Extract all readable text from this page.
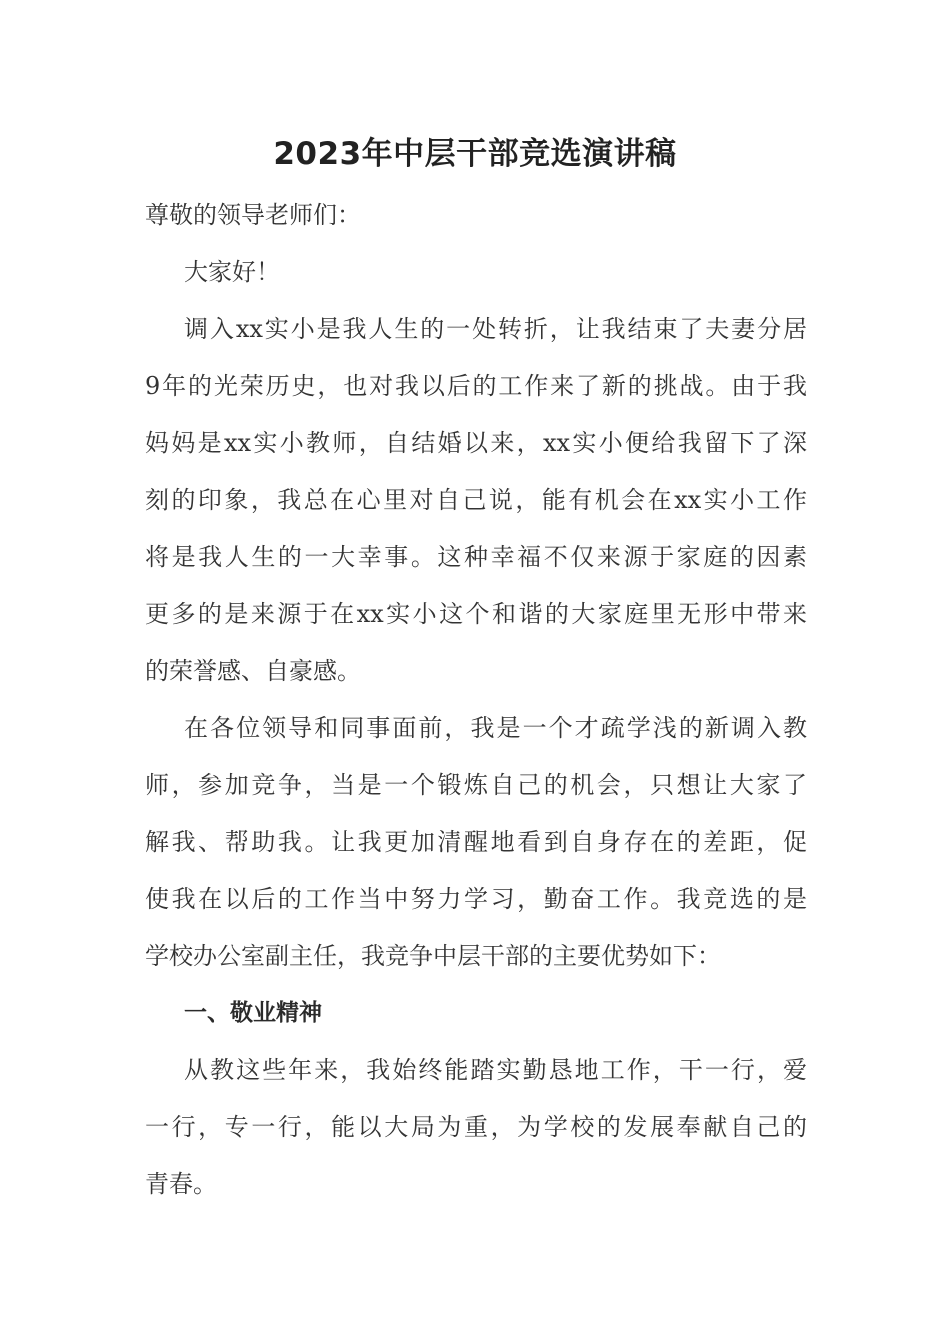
2023年中层干部竞选演讲稿
尊敬的领导老师们：
大家好！
调入xx实小是我人生的一处转折，让我结束了夫妻分居
9年的光荣历史，也对我以后的工作来了新的挑战。由于我
妈妈是xx实小教师，自结婚以来，xx实小便给我留下了深
刻的印象，我总在心里对自己说，能有机会在xx实小工作
将是我人生的一大幸事。这种幸福不仅来源于家庭的因素
更多的是来源于在xx实小这个和谐的大家庭里无形中带来
的荣誉感、自豪感。
在各位领导和同事面前，我是一个才疏学浅的新调入教
师，参加竞争，当是一个锻炼自己的机会，只想让大家了
解我、帮助我。让我更加清醒地看到自身存在的差距，促
使我在以后的工作当中努力学习，勤奋工作。我竞选的是
学校办公室副主任，我竞争中层干部的主要优势如下：
一、敬业精神
从教这些年来，我始终能踏实勤恳地工作，干一行，爱
一行，专一行，能以大局为重，为学校的发展奉献自己的
青春。
